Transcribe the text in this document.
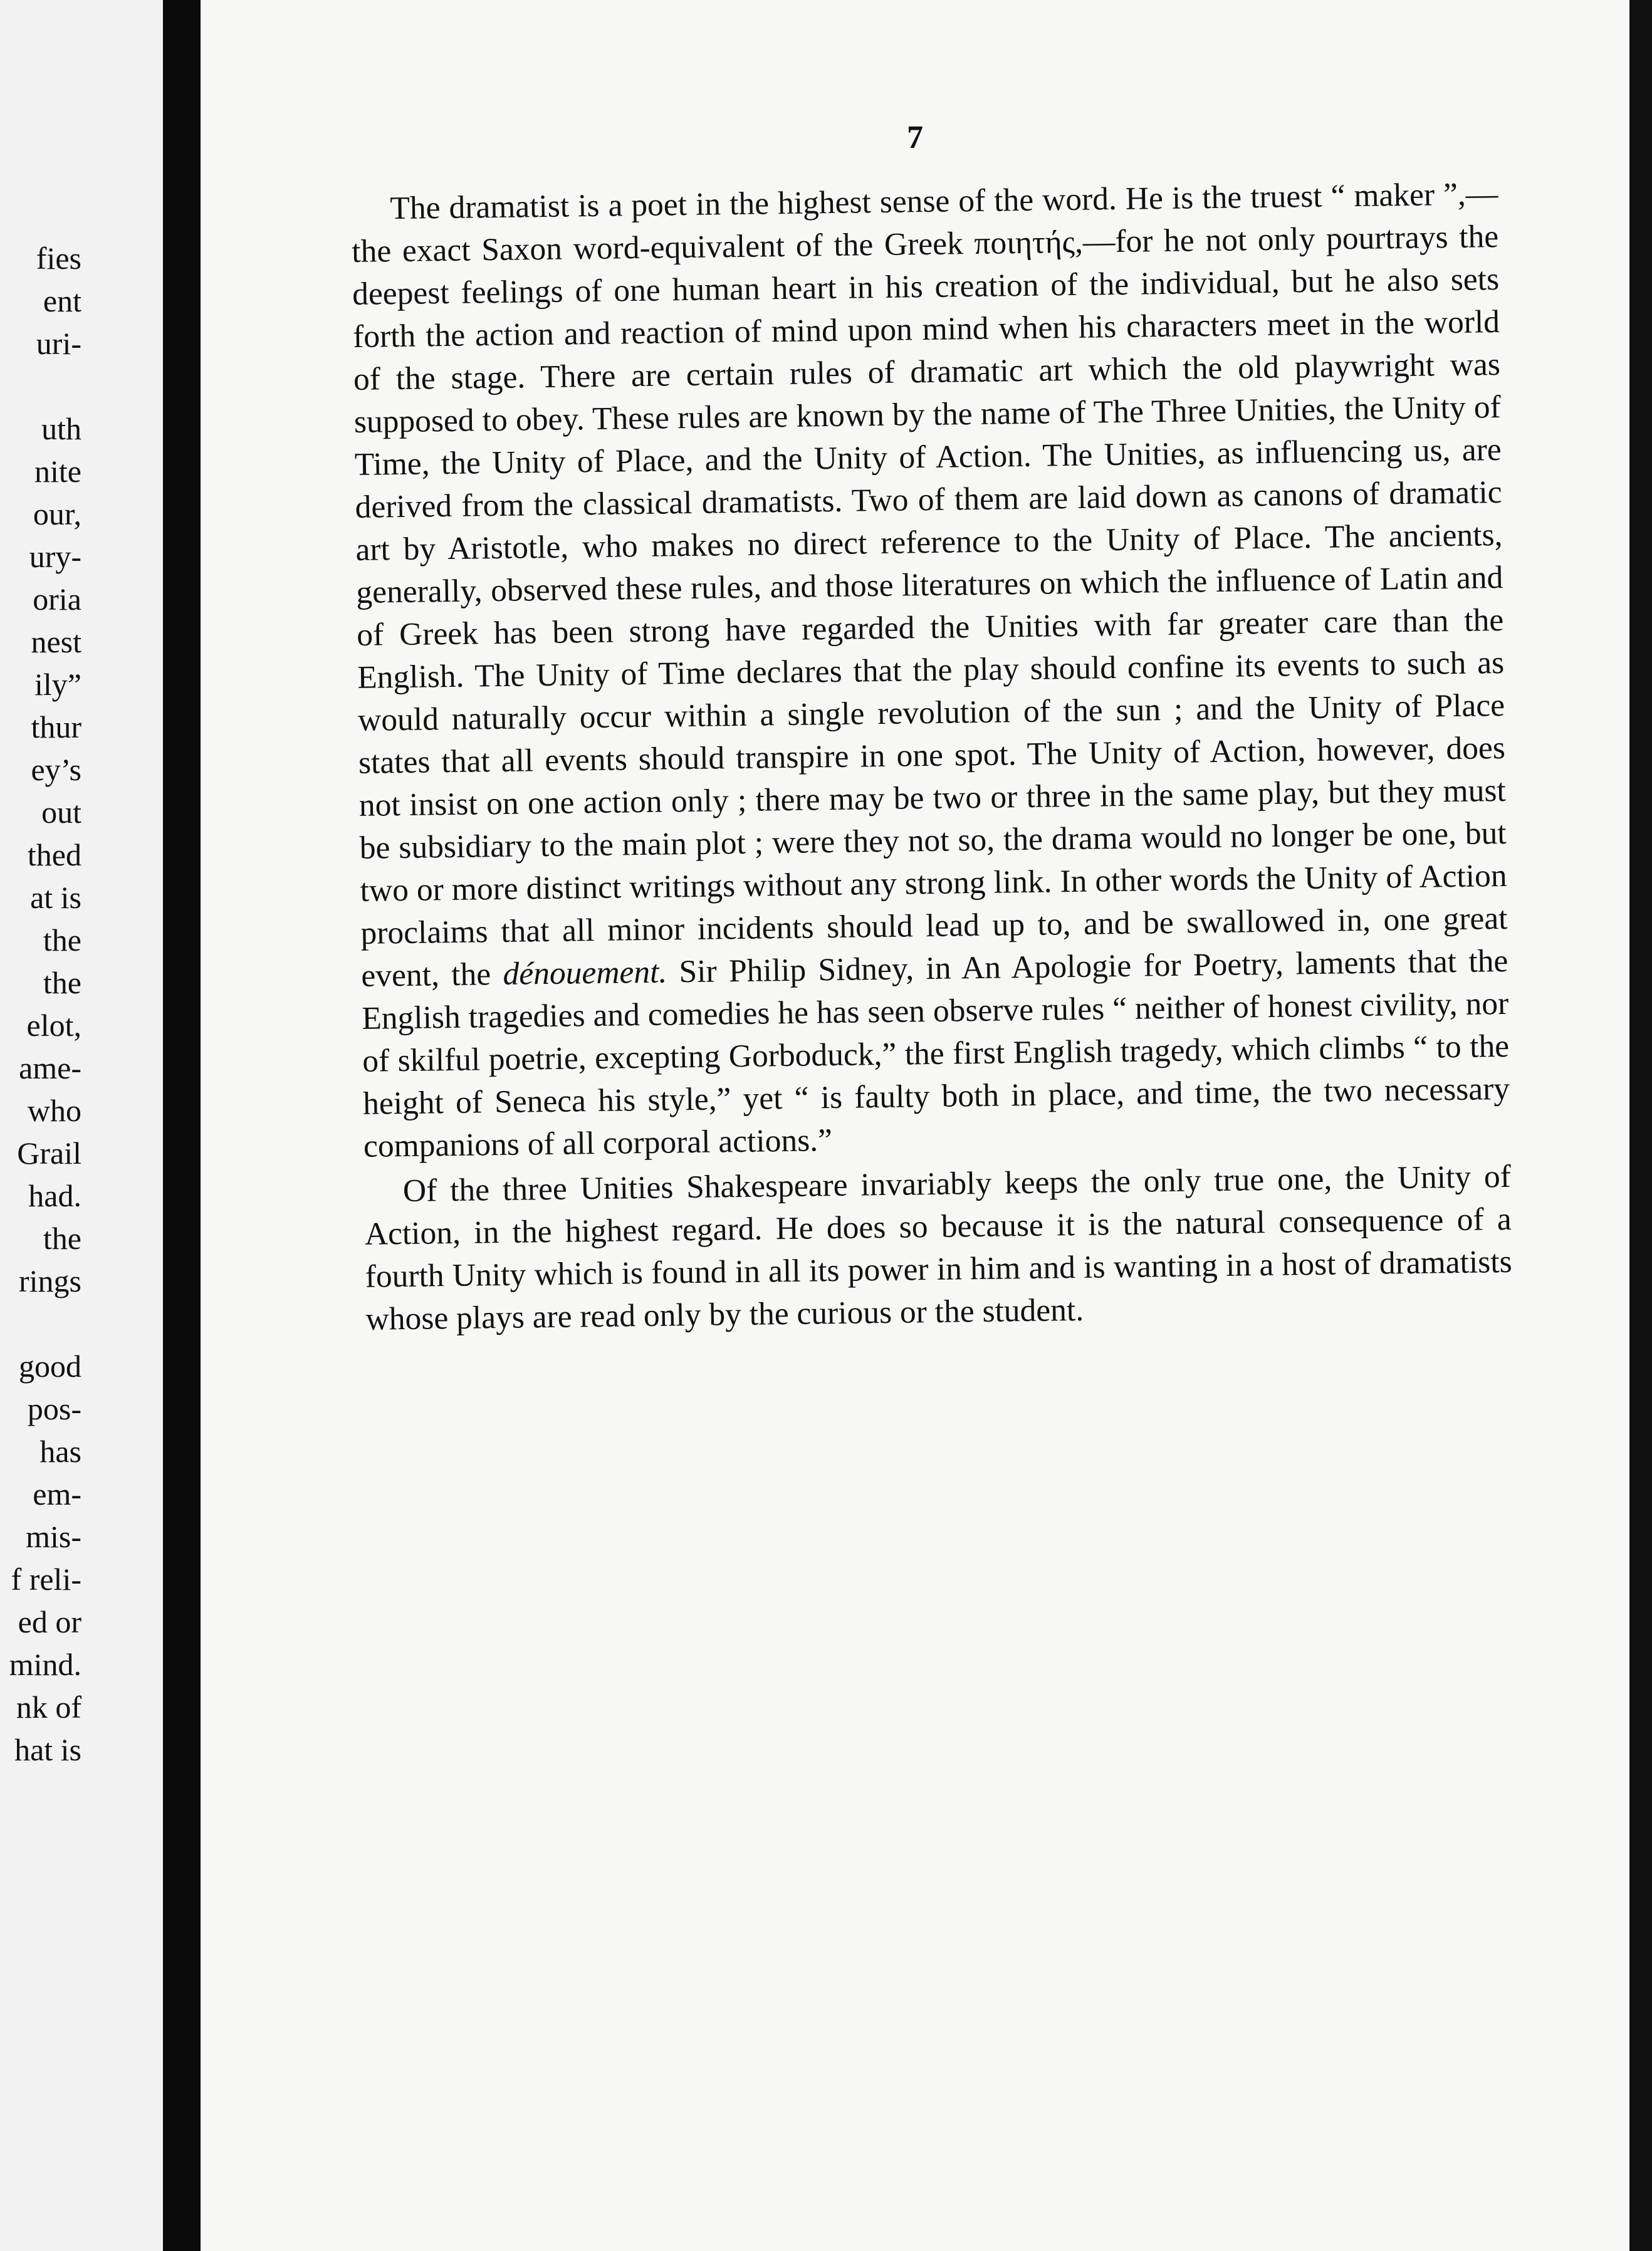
fies
ent
uri-
uth
nite
our,
ury-
oria
nest
ily”
thur
ey’s
out
thed
at is
the
the
elot,
ame-
who
Grail
had.
the
rings
good
pos-
has
em-
mis-
f reli-
ed or
mind.
nk of
hat is
7

The dramatist is a poet in the highest sense of the word. He is the truest “ maker ”,—the exact Saxon word-equivalent of the Greek ποιητής,—for he not only pourtrays the deepest feelings of one human heart in his creation of the individual, but he also sets forth the action and reaction of mind upon mind when his characters meet in the world of the stage. There are certain rules of dramatic art which the old playwright was supposed to obey. These rules are known by the name of The Three Unities, the Unity of Time, the Unity of Place, and the Unity of Action. The Unities, as influencing us, are derived from the classical dramatists. Two of them are laid down as canons of dramatic art by Aristotle, who makes no direct reference to the Unity of Place. The ancients, generally, observed these rules, and those literatures on which the influence of Latin and of Greek has been strong have regarded the Unities with far greater care than the English. The Unity of Time declares that the play should confine its events to such as would naturally occur within a single revolution of the sun ; and the Unity of Place states that all events should transpire in one spot. The Unity of Action, however, does not insist on one action only ; there may be two or three in the same play, but they must be subsidiary to the main plot ; were they not so, the drama would no longer be one, but two or more distinct writings without any strong link. In other words the Unity of Action proclaims that all minor incidents should lead up to, and be swallowed in, one great event, the dénouement. Sir Philip Sidney, in An Apologie for Poetry, laments that the English tragedies and comedies he has seen observe rules “ neither of honest civility, nor of skilful poetrie, excepting Gorboduck,” the first English tragedy, which climbs “ to the height of Seneca his style,” yet “ is faulty both in place, and time, the two necessary companions of all corporal actions.”

Of the three Unities Shakespeare invariably keeps the only true one, the Unity of Action, in the highest regard. He does so because it is the natural consequence of a fourth Unity which is found in all its power in him and is wanting in a host of dramatists whose plays are read only by the curious or the student.
